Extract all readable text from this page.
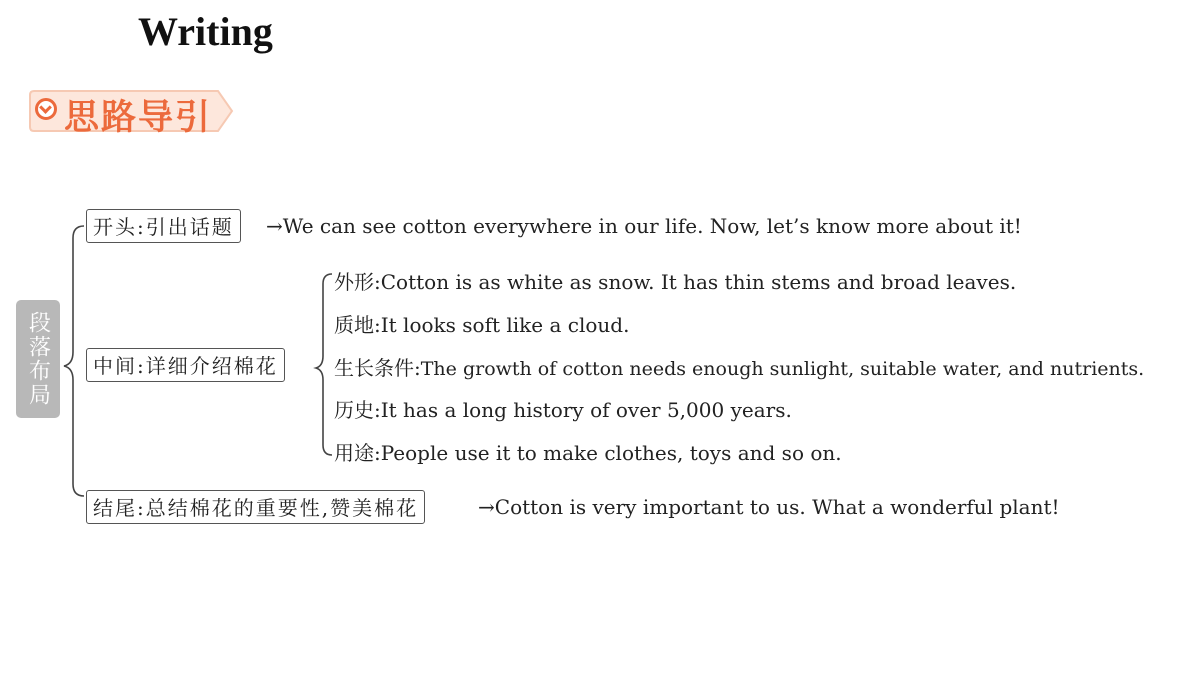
Writing
思路导引
段落布局
开头:引出话题	→We can see cotton everywhere in our life. Now, let’s know more about it!
中间:详细介绍棉花
外形:Cotton is as white as snow. It has thin stems and broad leaves.
质地:It looks soft like a cloud.
生长条件:The growth of cotton needs enough sunlight, suitable water, and nutrients.
历史:It has a long history of over 5,000 years.
用途:People use it to make clothes, toys and so on.
结尾:总结棉花的重要性,赞美棉花	→Cotton is very important to us. What a wonderful plant!
